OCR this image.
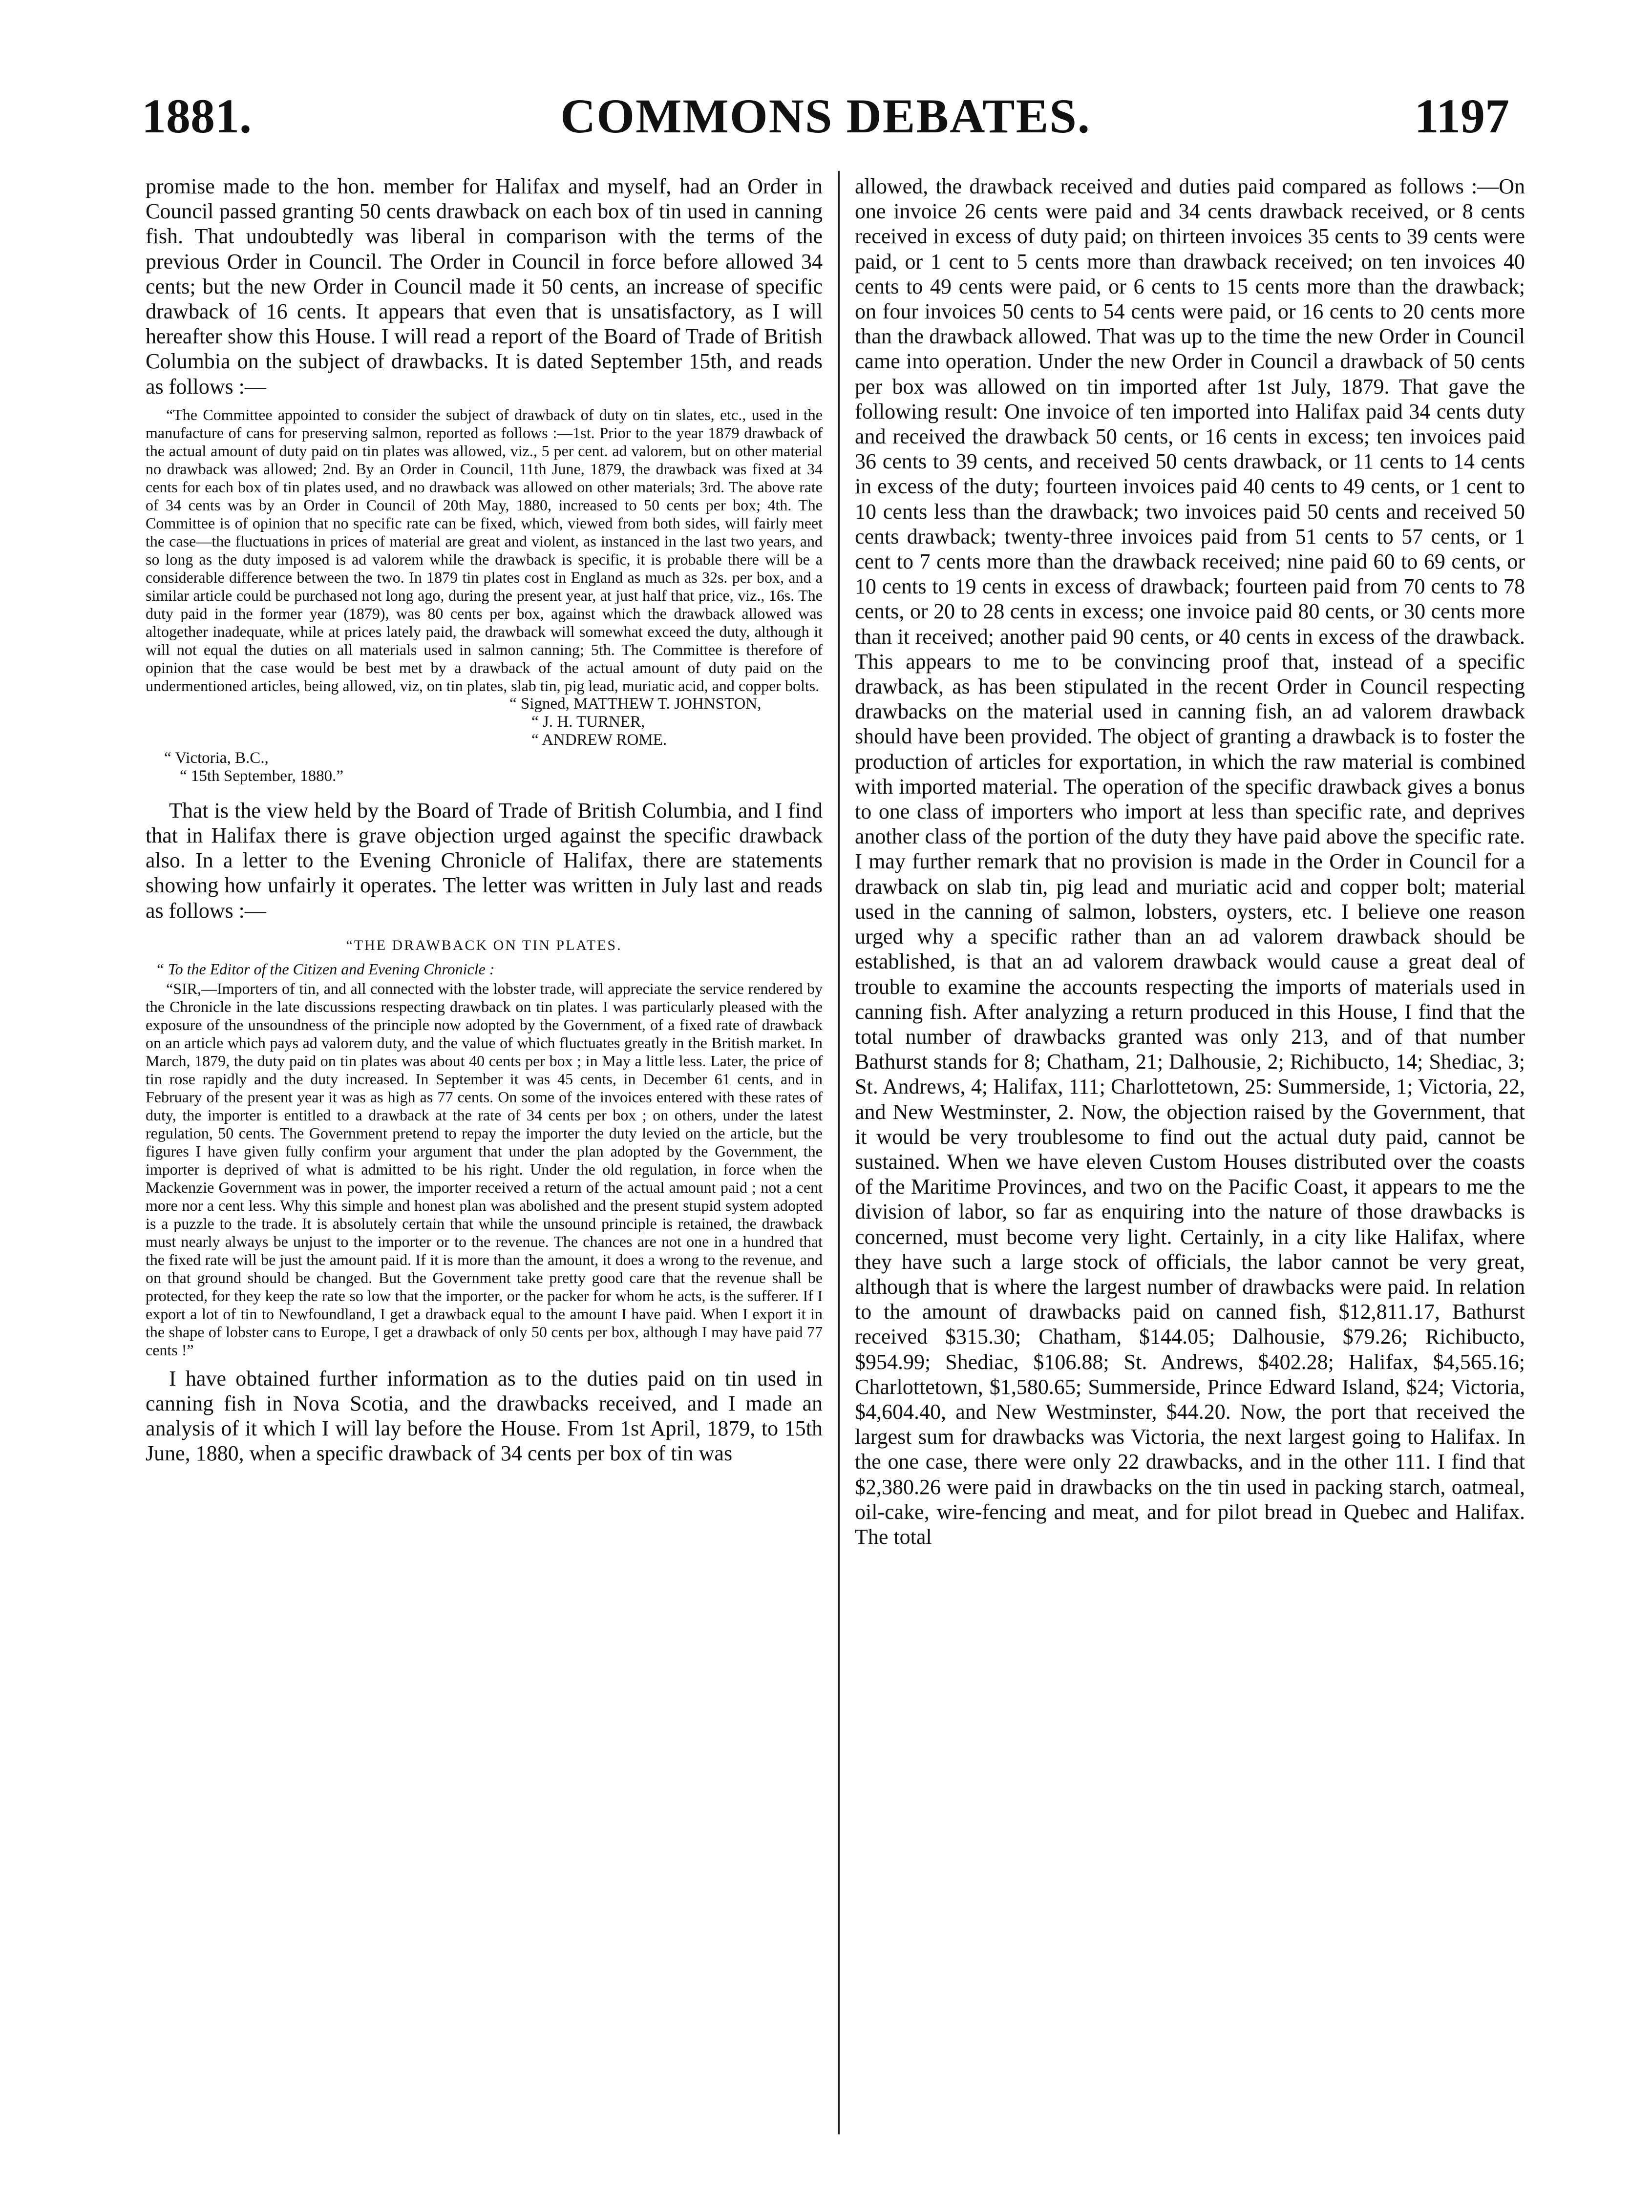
1881.	COMMONS DEBATES.	1197

promise made to the hon. member for Halifax and myself, had an Order in Council passed granting 50 cents drawback on each box of tin used in canning fish. That undoubtedly was liberal in comparison with the terms of the previous Order in Council. The Order in Council in force before allowed 34 cents; but the new Order in Council made it 50 cents, an increase of specific drawback of 16 cents. It appears that even that is unsatisfactory, as I will hereafter show this House. I will read a report of the Board of Trade of British Columbia on the subject of drawbacks. It is dated September 15th, and reads as follows :—

“The Committee appointed to consider the subject of drawback of duty on tin slates, etc., used in the manufacture of cans for preserving salmon, reported as follows :—1st. Prior to the year 1879 drawback of the actual amount of duty paid on tin plates was allowed, viz., 5 per cent. ad valorem, but on other material no drawback was allowed; 2nd. By an Order in Council, 11th June, 1879, the drawback was fixed at 34 cents for each box of tin plates used, and no drawback was allowed on other materials; 3rd. The above rate of 34 cents was by an Order in Council of 20th May, 1880, increased to 50 cents per box; 4th. The Committee is of opinion that no specific rate can be fixed, which, viewed from both sides, will fairly meet the case—the fluctuations in prices of material are great and violent, as instanced in the last two years, and so long as the duty imposed is ad valorem while the drawback is specific, it is probable there will be a considerable difference between the two. In 1879 tin plates cost in England as much as 32s. per box, and a similar article could be purchased not long ago, during the present year, at just half that price, viz., 16s. The duty paid in the former year (1879), was 80 cents per box, against which the drawback allowed was altogether inadequate, while at prices lately paid, the drawback will somewhat exceed the duty, although it will not equal the duties on all materials used in salmon canning; 5th. The Committee is therefore of opinion that the case would be best met by a drawback of the actual amount of duty paid on the undermentioned articles, being allowed, viz, on tin plates, slab tin, pig lead, muriatic acid, and copper bolts.

“ Signed, MATTHEW T. JOHNSTON,

“ J. H. TURNER,

“ ANDREW ROME.

“ Victoria, B.C.,

“ 15th September, 1880.”

That is the view held by the Board of Trade of British Columbia, and I find that in Halifax there is grave objection urged against the specific drawback also. In a letter to the Evening Chronicle of Halifax, there are statements showing how unfairly it operates. The letter was written in July last and reads as follows :—

“THE DRAWBACK ON TIN PLATES.

“ To the Editor of the Citizen and Evening Chronicle :

“SIR,—Importers of tin, and all connected with the lobster trade, will appreciate the service rendered by the Chronicle in the late discussions respecting drawback on tin plates. I was particularly pleased with the exposure of the unsoundness of the principle now adopted by the Government, of a fixed rate of drawback on an article which pays ad valorem duty, and the value of which fluctuates greatly in the British market. In March, 1879, the duty paid on tin plates was about 40 cents per box ; in May a little less. Later, the price of tin rose rapidly and the duty increased. In September it was 45 cents, in December 61 cents, and in February of the present year it was as high as 77 cents. On some of the invoices entered with these rates of duty, the importer is entitled to a drawback at the rate of 34 cents per box ; on others, under the latest regulation, 50 cents. The Government pretend to repay the importer the duty levied on the article, but the figures I have given fully confirm your argument that under the plan adopted by the Government, the importer is deprived of what is admitted to be his right. Under the old regulation, in force when the Mackenzie Government was in power, the importer received a return of the actual amount paid ; not a cent more nor a cent less. Why this simple and honest plan was abolished and the present stupid system adopted is a puzzle to the trade. It is absolutely certain that while the unsound principle is retained, the drawback must nearly always be unjust to the importer or to the revenue. The chances are not one in a hundred that the fixed rate will be just the amount paid. If it is more than the amount, it does a wrong to the revenue, and on that ground should be changed. But the Government take pretty good care that the revenue shall be protected, for they keep the rate so low that the importer, or the packer for whom he acts, is the sufferer. If I export a lot of tin to Newfoundland, I get a drawback equal to the amount I have paid. When I export it in the shape of lobster cans to Europe, I get a drawback of only 50 cents per box, although I may have paid 77 cents !”

I have obtained further information as to the duties paid on tin used in canning fish in Nova Scotia, and the drawbacks received, and I made an analysis of it which I will lay before the House. From 1st April, 1879, to 15th June, 1880, when a specific drawback of 34 cents per box of tin was

allowed, the drawback received and duties paid compared as follows :—On one invoice 26 cents were paid and 34 cents drawback received, or 8 cents received in excess of duty paid; on thirteen invoices 35 cents to 39 cents were paid, or 1 cent to 5 cents more than drawback received; on ten invoices 40 cents to 49 cents were paid, or 6 cents to 15 cents more than the drawback; on four invoices 50 cents to 54 cents were paid, or 16 cents to 20 cents more than the drawback allowed. That was up to the time the new Order in Council came into operation. Under the new Order in Council a drawback of 50 cents per box was allowed on tin imported after 1st July, 1879. That gave the following result: One invoice of ten imported into Halifax paid 34 cents duty and received the drawback 50 cents, or 16 cents in excess; ten invoices paid 36 cents to 39 cents, and received 50 cents drawback, or 11 cents to 14 cents in excess of the duty; fourteen invoices paid 40 cents to 49 cents, or 1 cent to 10 cents less than the drawback; two invoices paid 50 cents and received 50 cents drawback; twenty-three invoices paid from 51 cents to 57 cents, or 1 cent to 7 cents more than the drawback received; nine paid 60 to 69 cents, or 10 cents to 19 cents in excess of drawback; fourteen paid from 70 cents to 78 cents, or 20 to 28 cents in excess; one invoice paid 80 cents, or 30 cents more than it received; another paid 90 cents, or 40 cents in excess of the drawback. This appears to me to be convincing proof that, instead of a specific drawback, as has been stipulated in the recent Order in Council respecting drawbacks on the material used in canning fish, an ad valorem drawback should have been provided. The object of granting a drawback is to foster the production of articles for exportation, in which the raw material is combined with imported material. The operation of the specific drawback gives a bonus to one class of importers who import at less than specific rate, and deprives another class of the portion of the duty they have paid above the specific rate. I may further remark that no provision is made in the Order in Council for a drawback on slab tin, pig lead and muriatic acid and copper bolt; material used in the canning of salmon, lobsters, oysters, etc. I believe one reason urged why a specific rather than an ad valorem drawback should be established, is that an ad valorem drawback would cause a great deal of trouble to examine the accounts respecting the imports of materials used in canning fish. After analyzing a return produced in this House, I find that the total number of drawbacks granted was only 213, and of that number Bathurst stands for 8; Chatham, 21; Dalhousie, 2; Richibucto, 14; Shediac, 3; St. Andrews, 4; Halifax, 111; Charlottetown, 25: Summerside, 1; Victoria, 22, and New Westminster, 2. Now, the objection raised by the Government, that it would be very troublesome to find out the actual duty paid, cannot be sustained. When we have eleven Custom Houses distributed over the coasts of the Maritime Provinces, and two on the Pacific Coast, it appears to me the division of labor, so far as enquiring into the nature of those drawbacks is concerned, must become very light. Certainly, in a city like Halifax, where they have such a large stock of officials, the labor cannot be very great, although that is where the largest number of drawbacks were paid. In relation to the amount of drawbacks paid on canned fish, $12,811.17, Bathurst received $315.30; Chatham, $144.05; Dalhousie, $79.26; Richibucto, $954.99; Shediac, $106.88; St. Andrews, $402.28; Halifax, $4,565.16; Charlottetown, $1,580.65; Summerside, Prince Edward Island, $24; Victoria, $4,604.40, and New Westminster, $44.20. Now, the port that received the largest sum for drawbacks was Victoria, the next largest going to Halifax. In the one case, there were only 22 drawbacks, and in the other 111. I find that $2,380.26 were paid in drawbacks on the tin used in packing starch, oatmeal, oil-cake, wire-fencing and meat, and for pilot bread in Quebec and Halifax. The total
